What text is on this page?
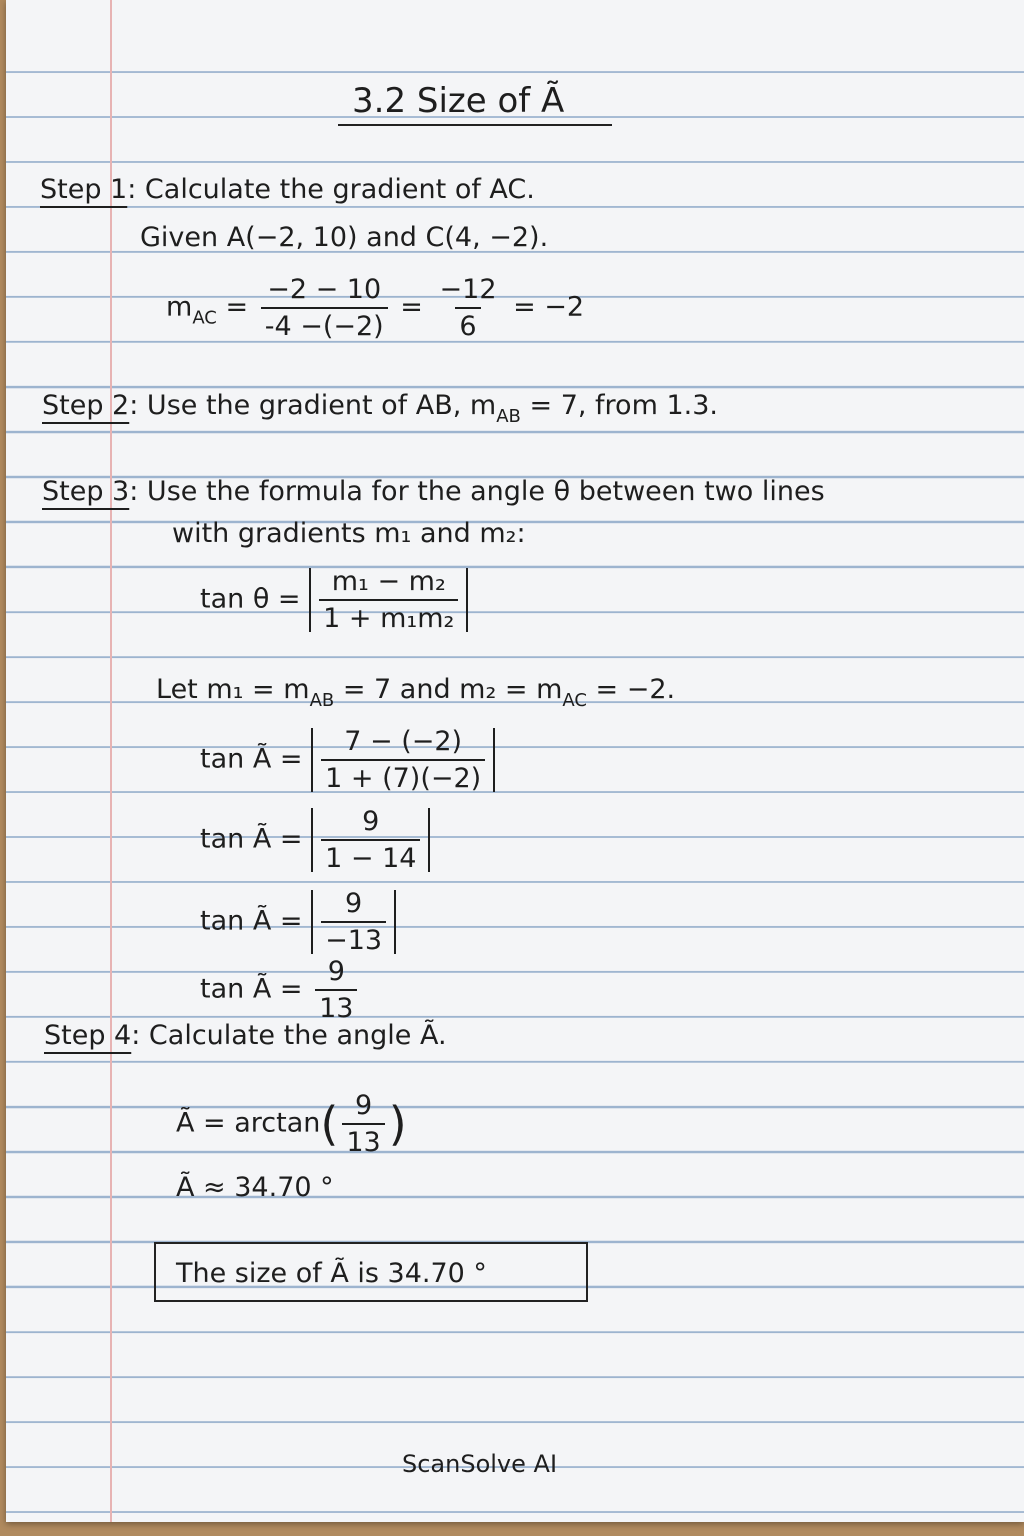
3.2 Size of Ã
Step 1: Calculate the gradient of AC.
Given A(−2, 10) and C(4, −2).
$m_{AC} = \frac{-2 - 10}{-4 -(-2)} = \frac{-12}{6} = -2$
Step 2: Use the gradient of AB, $m_{AB} = 7$, from 1.3.
Step 3: Use the formula for the angle θ between two lines
with gradients m₁ and m₂:
$\tan \theta = \frac{\text{m₁ − m₂}}{\text{1 + m₁m₂}}$
Let $m_1 = m_{AB} = 7$ and $m_2 = m_{AC} = -2$.
tan Ã = $\frac{7 - (-2)}{1 + (7)(-2)}$
tan Ã = $\frac{9}{1 - 14}$
tan Ã = $\frac{9}{-13}$
tan Ã = $\frac{9}{13}$
Step 4: Calculate the angle Ã.
Ã = $\arctan( \frac{9}{13}$ )
Ã ≈ 34.70 °
The size of Ã is 34.70 °
ScanSolve AI
